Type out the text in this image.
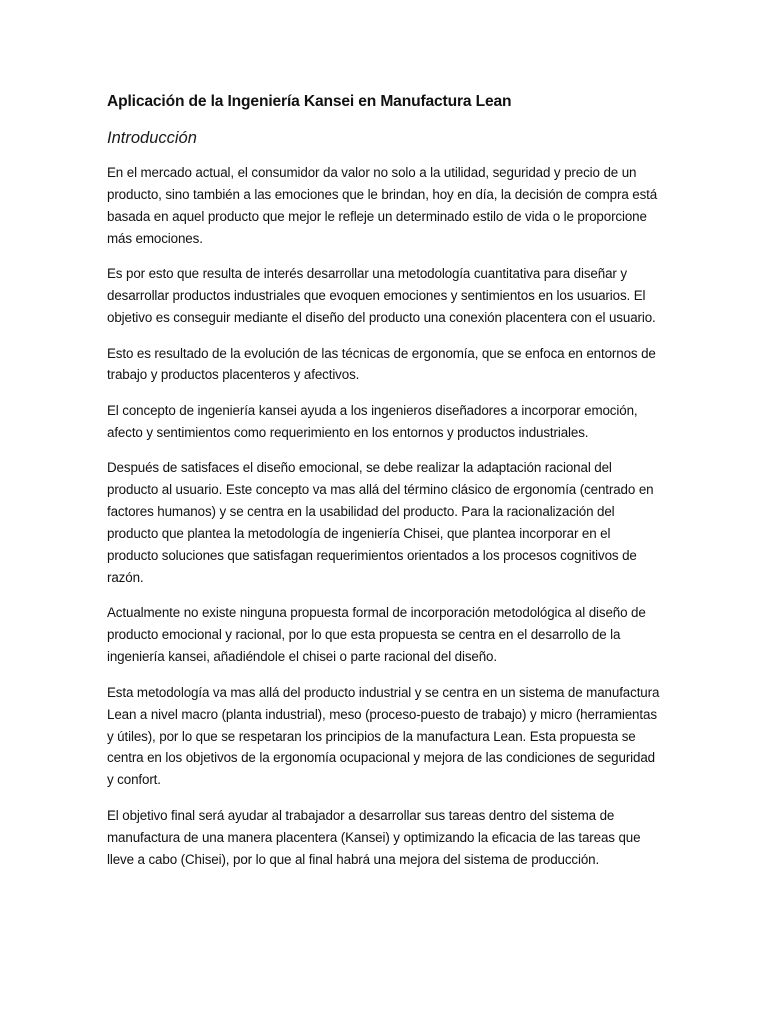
Aplicación de la Ingeniería Kansei en Manufactura Lean
Introducción

En el mercado actual, el consumidor da valor no solo a la utilidad, seguridad y precio de un producto, sino también a las emociones que le brindan, hoy en día, la decisión de compra está basada en aquel producto que mejor le refleje un determinado estilo de vida o le proporcione más emociones.

Es por esto que resulta de interés desarrollar una metodología cuantitativa para diseñar y desarrollar productos industriales que evoquen emociones y sentimientos en los usuarios. El objetivo es conseguir mediante el diseño del producto una conexión placentera con el usuario.

Esto es resultado de la evolución de las técnicas de ergonomía, que se enfoca en entornos de trabajo y productos placenteros y afectivos.

El concepto de ingeniería kansei ayuda a los ingenieros diseñadores a incorporar emoción, afecto y sentimientos como requerimiento en los entornos y productos industriales.

Después de satisfaces el diseño emocional, se debe realizar la adaptación racional del producto al usuario. Este concepto va mas allá del término clásico de ergonomía (centrado en factores humanos) y se centra en la usabilidad del producto. Para la racionalización del producto que plantea la metodología de ingeniería Chisei, que plantea incorporar en el producto soluciones que satisfagan requerimientos orientados a los procesos cognitivos de razón.

Actualmente no existe ninguna propuesta formal de incorporación metodológica al diseño de producto emocional y racional, por lo que esta propuesta se centra en el desarrollo de la ingeniería kansei, añadiéndole el chisei o parte racional del diseño.

Esta metodología va mas allá del producto industrial y se centra en un sistema de manufactura Lean a nivel macro (planta industrial), meso (proceso-puesto de trabajo) y micro (herramientas y útiles), por lo que se respetaran los principios de la manufactura Lean. Esta propuesta se centra en los objetivos de la ergonomía ocupacional y mejora de las condiciones de seguridad y confort.

El objetivo final será ayudar al trabajador a desarrollar sus tareas dentro del sistema de manufactura de una manera placentera (Kansei) y optimizando la eficacia de las tareas que lleve a cabo (Chisei), por lo que al final habrá una mejora del sistema de producción.
